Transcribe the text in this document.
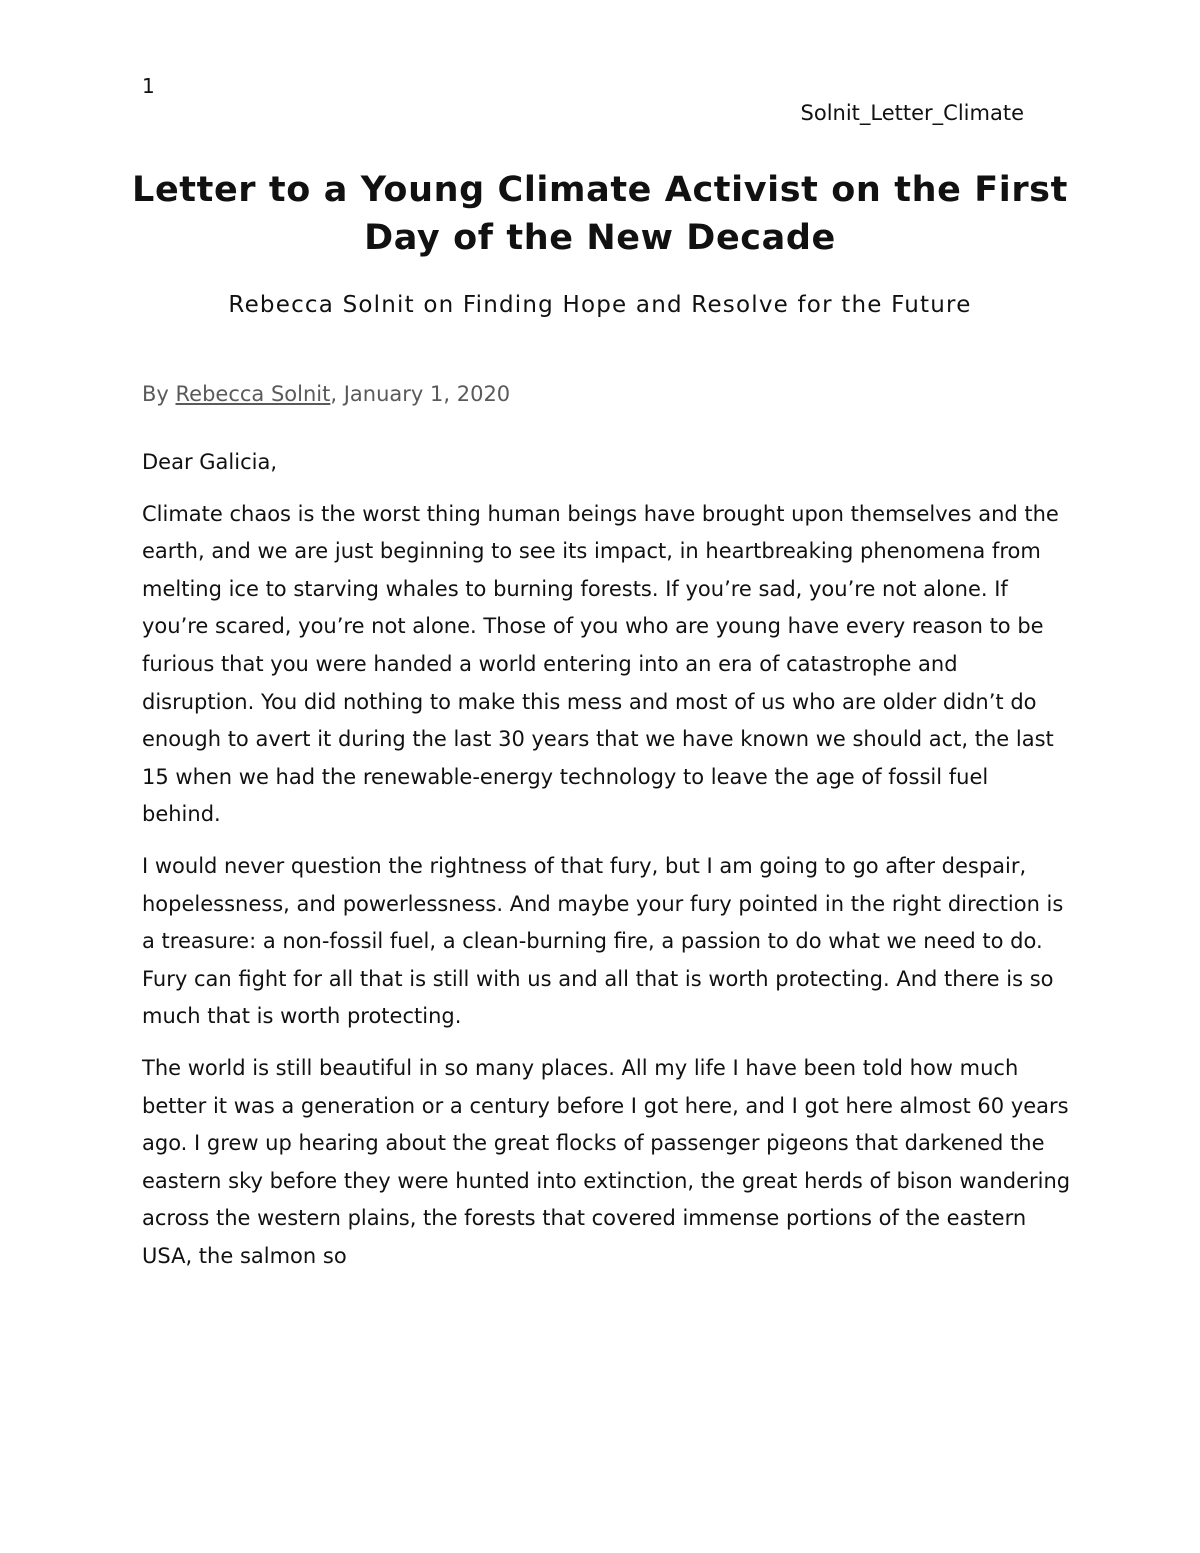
1
Solnit_Letter_Climate
Letter to a Young Climate Activist on the First Day of the New Decade
Rebecca Solnit on Finding Hope and Resolve for the Future
By Rebecca Solnit, January 1, 2020

Dear Galicia,

Climate chaos is the worst thing human beings have brought upon themselves and the earth, and we are just beginning to see its impact, in heartbreaking phenomena from melting ice to starving whales to burning forests. If you’re sad, you’re not alone. If you’re scared, you’re not alone. Those of you who are young have every reason to be furious that you were handed a world entering into an era of catastrophe and disruption. You did nothing to make this mess and most of us who are older didn’t do enough to avert it during the last 30 years that we have known we should act, the last 15 when we had the renewable-energy technology to leave the age of fossil fuel behind.

I would never question the rightness of that fury, but I am going to go after despair, hopelessness, and powerlessness. And maybe your fury pointed in the right direction is a treasure: a non-fossil fuel, a clean-burning fire, a passion to do what we need to do. Fury can fight for all that is still with us and all that is worth protecting. And there is so much that is worth protecting.

The world is still beautiful in so many places. All my life I have been told how much better it was a generation or a century before I got here, and I got here almost 60 years ago. I grew up hearing about the great flocks of passenger pigeons that darkened the eastern sky before they were hunted into extinction, the great herds of bison wandering across the western plains, the forests that covered immense portions of the eastern USA, the salmon so
